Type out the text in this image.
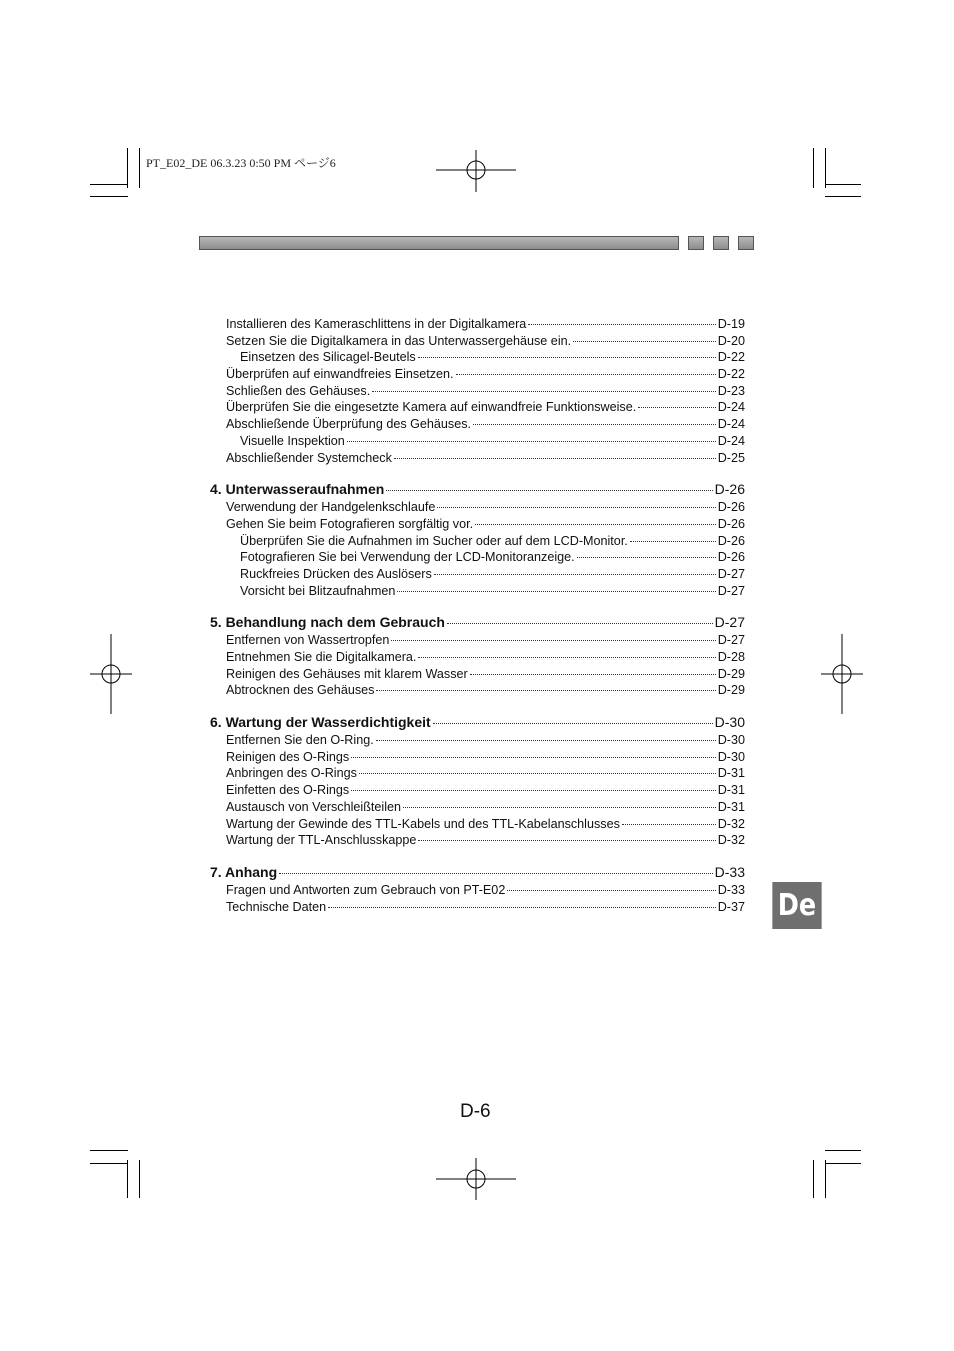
PT_E02_DE 06.3.23 0:50 PM ページ6
Installieren des Kameraschlittens in der Digitalkamera	D-19
Setzen Sie die Digitalkamera in das Unterwassergehäuse ein.	D-20
Einsetzen des Silicagel-Beutels	D-22
Überprüfen auf einwandfreies Einsetzen.	D-22
Schließen des Gehäuses.	D-23
Überprüfen Sie die eingesetzte Kamera auf einwandfreie Funktionsweise.	D-24
Abschließende Überprüfung des Gehäuses.	D-24
Visuelle Inspektion	D-24
Abschließender Systemcheck	D-25
4. Unterwasseraufnahmen	D-26
Verwendung der Handgelenkschlaufe	D-26
Gehen Sie beim Fotografieren sorgfältig vor.	D-26
Überprüfen Sie die Aufnahmen im Sucher oder auf dem LCD-Monitor.	D-26
Fotografieren Sie bei Verwendung der LCD-Monitoranzeige.	D-26
Ruckfreies Drücken des Auslösers	D-27
Vorsicht bei Blitzaufnahmen	D-27
5. Behandlung nach dem Gebrauch	D-27
Entfernen von Wassertropfen	D-27
Entnehmen Sie die Digitalkamera.	D-28
Reinigen des Gehäuses mit klarem Wasser	D-29
Abtrocknen des Gehäuses	D-29
6. Wartung der Wasserdichtigkeit	D-30
Entfernen Sie den O-Ring.	D-30
Reinigen des O-Rings	D-30
Anbringen des O-Rings	D-31
Einfetten des O-Rings	D-31
Austausch von Verschleißteilen	D-31
Wartung der Gewinde des TTL-Kabels und des TTL-Kabelanschlusses	D-32
Wartung der TTL-Anschlusskappe	D-32
7. Anhang	D-33
Fragen und Antworten zum Gebrauch von PT-E02	D-33
Technische Daten	D-37 De
D-6
